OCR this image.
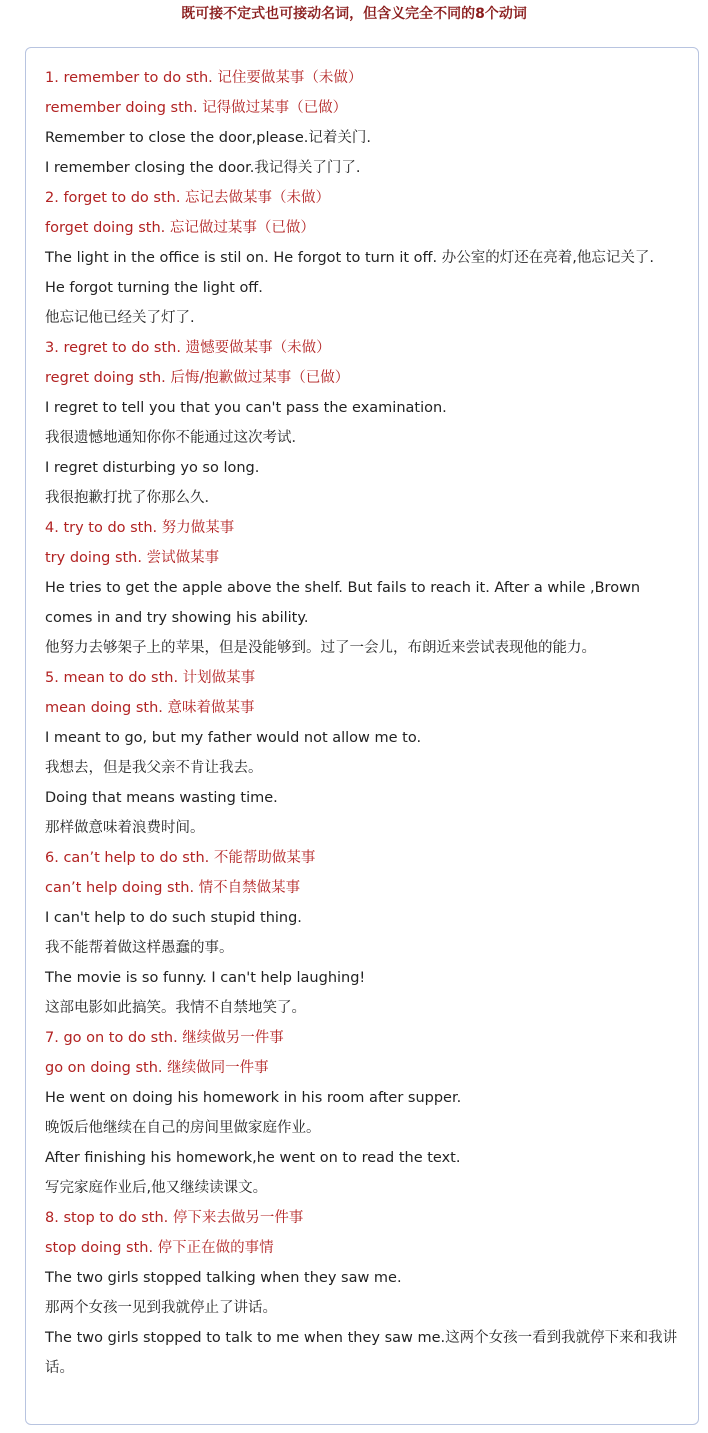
既可接不定式也可接动名词，但含义完全不同的8个动词
1. remember to do sth. 记住要做某事（未做）
remember doing sth. 记得做过某事（已做）
Remember to close the door,please.记着关门.
I remember closing the door.我记得关了门了.
2. forget to do sth. 忘记去做某事（未做）
forget doing sth. 忘记做过某事（已做）
The light in the office is stil on. He forgot to turn it off. 办公室的灯还在亮着,他忘记关了.
He forgot turning the light off.
他忘记他已经关了灯了.
3. regret to do sth. 遗憾要做某事（未做）
regret doing sth. 后悔/抱歉做过某事（已做）
I regret to tell you that you can't pass the examination.
我很遗憾地通知你你不能通过这次考试．
I regret disturbing yo so long.
我很抱歉打扰了你那么久．
4. try to do sth. 努力做某事
try doing sth. 尝试做某事
He tries to get the apple above the shelf. But fails to reach it. After a while ,Brown comes in and try showing his ability.
他努力去够架子上的苹果，但是没能够到。过了一会儿，布朗近来尝试表现他的能力。
5. mean to do sth. 计划做某事
mean doing sth. 意味着做某事
I meant to go, but my father would not allow me to.
我想去，但是我父亲不肯让我去。
Doing that means wasting time.
那样做意味着浪费时间。
6. can’t help to do sth. 不能帮助做某事
can’t help doing sth. 情不自禁做某事
I can't help to do such stupid thing.
我不能帮着做这样愚蠢的事。
The movie is so funny. I can't help laughing!
这部电影如此搞笑。我情不自禁地笑了。
7. go on to do sth. 继续做另一件事
go on doing sth. 继续做同一件事
He went on doing his homework in his room after supper.
晚饭后他继续在自己的房间里做家庭作业。
After finishing his homework,he went on to read the text.
写完家庭作业后,他又继续读课文。
8. stop to do sth. 停下来去做另一件事
stop doing sth. 停下正在做的事情
The two girls stopped talking when they saw me.
那两个女孩一见到我就停止了讲话。
The two girls stopped to talk to me when they saw me.这两个女孩一看到我就停下来和我讲话。
